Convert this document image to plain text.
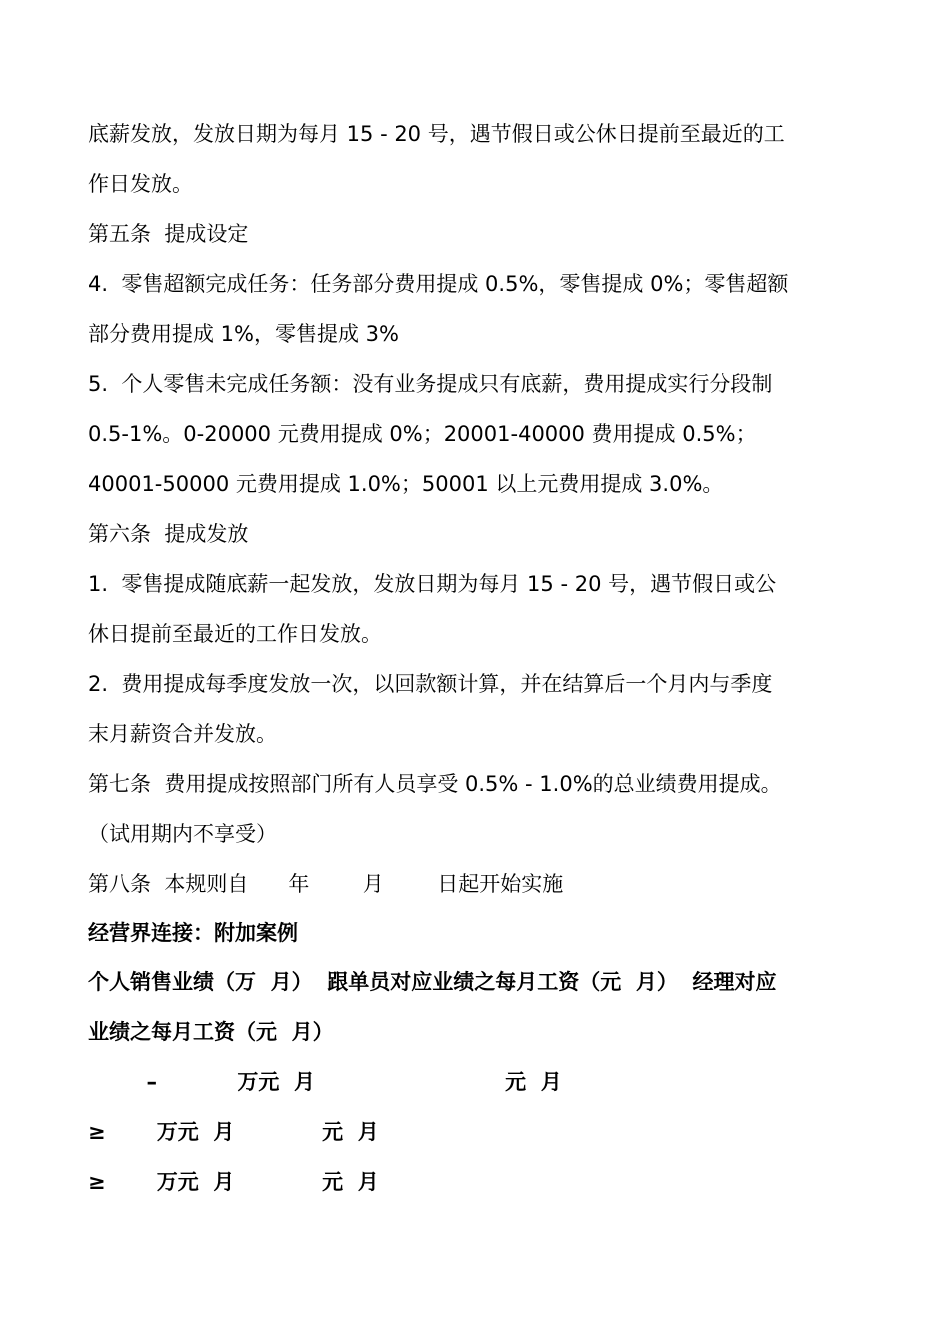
底薪发放，发放日期为每月 15 - 20 号，遇节假日或公休日提前至最近的工
作日发放。
第五条  提成设定
4.  零售超额完成任务：任务部分费用提成 0.5%，零售提成 0%；零售超额
部分费用提成 1%，零售提成 3%
5.  个人零售未完成任务额：没有业务提成只有底薪，费用提成实行分段制
0.5-1%。0-20000 元费用提成 0%；20001-40000 费用提成 0.5%；
40001-50000 元费用提成 1.0%；50001 以上元费用提成 3.0%。
第六条  提成发放
1.  零售提成随底薪一起发放，发放日期为每月 15 - 20 号，遇节假日或公
休日提前至最近的工作日发放。
2.  费用提成每季度发放一次，以回款额计算，并在结算后一个月内与季度
末月薪资合并发放。
第七条  费用提成按照部门所有人员享受 0.5% - 1.0%的总业绩费用提成。
（试用期内不享受）
第八条  本规则自      年        月        日起开始实施
经营界连接：附加案例
个人销售业绩（万  月）  跟单员对应业绩之每月工资（元  月）  经理对应
业绩之每月工资（元  月）
–           万元  月                          元  月
≥       万元  月            元  月
≥       万元  月            元  月
